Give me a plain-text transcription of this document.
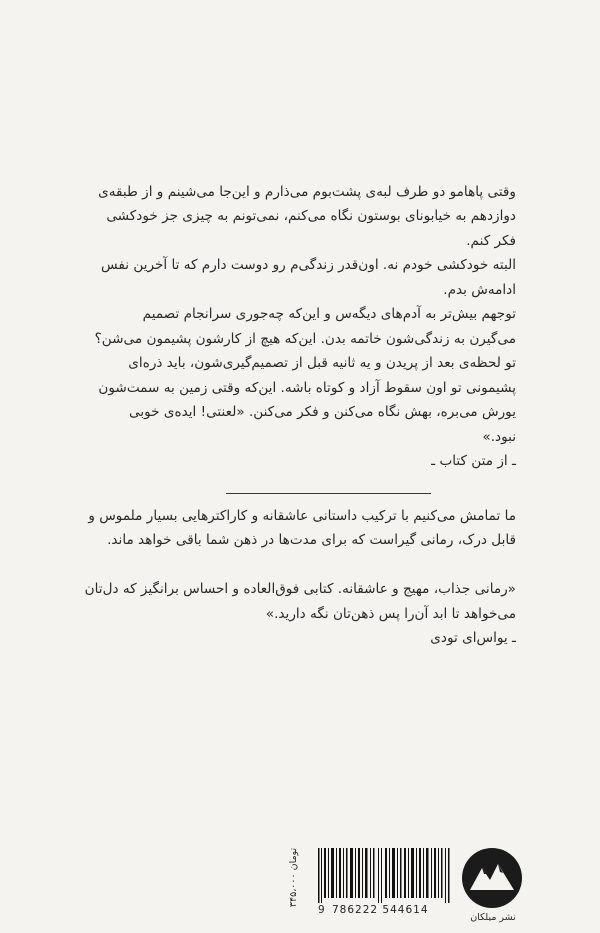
وقتی پاهامو دو طرف لبه‌ی پشت‌بوم می‌ذارم و این‌جا می‌شینم و از طبقه‌ی
دوازدهم به خیابونای بوستون نگاه می‌کنم، نمی‌تونم به چیزی جز خودکشی
فکر کنم.
البته خودکشی خودم نه. اون‌قدر زندگی‌م رو دوست دارم که تا آخرین نفس
ادامه‌ش بدم.
توجهم بیش‌تر به آدم‌های دیگه‌س و این‌که چه‌جوری سرانجام تصمیم
می‌گیرن به زندگی‌شون خاتمه بدن. این‌که هیچ از کارشون پشیمون می‌شن؟
تو لحظه‌ی بعد از پریدن و یه ثانیه قبل از تصمیم‌گیری‌شون، باید ذره‌ای
پشیمونی تو اون سقوط آزاد و کوتاه باشه. این‌که وقتی زمین به سمت‌شون
یورش می‌بره، بهش نگاه می‌کنن و فکر می‌کنن. «لعنتی! ایده‌ی خوبی
نبود.»
ـ از متن کتاب ـ
ما تمامش می‌کنیم با ترکیب داستانی عاشقانه و کاراکترهایی بسیار ملموس و
قابل درک، رمانی گیراست که برای مدت‌ها در ذهن شما باقی خواهد ماند.
«رمانی جذاب، مهیج و عاشقانه. کتابی فوق‌العاده و احساس برانگیز که دل‌تان
می‌خواهد تا ابد آن‌را پس ذهن‌تان نگه دارید.»
ـ یواس‌ای تودی
۳۴۵،۰۰۰ تومان
9 786222 544614
نشر میلکان
